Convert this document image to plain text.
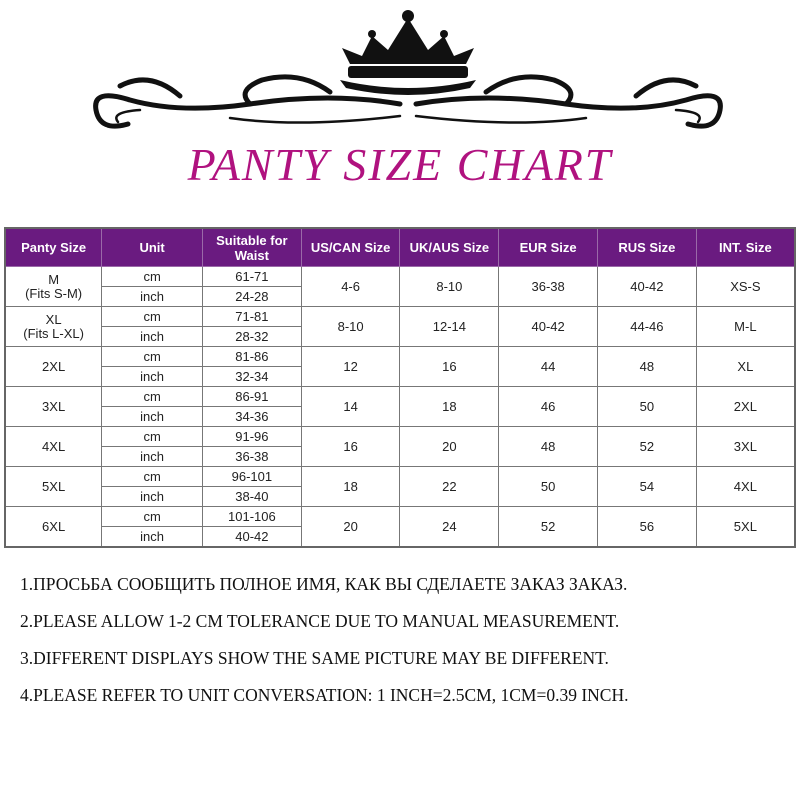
PANTY SIZE CHART
Panty Size	Unit	Suitable for Waist	US/CAN Size	UK/AUS Size	EUR Size	RUS Size	INT. Size

M
(Fits S-M)	cm	61-71	4-6	8-10	36-38	40-42	XS-S
	inch	24-28					

XL
(Fits L-XL)	cm	71-81	8-10	12-14	40-42	44-46	M-L
	inch	28-32					

2XL	cm	81-86	12	16	44	48	XL
	inch	32-34					

3XL	cm	86-91	14	18	46	50	2XL
	inch	34-36					

4XL	cm	91-96	16	20	48	52	3XL
	inch	36-38					

5XL	cm	96-101	18	22	50	54	4XL
	inch	38-40					

6XL	cm	101-106	20	24	52	56	5XL
	inch	40-42					
1.ПРОСЬБА СООБЩИТЬ ПОЛНОЕ ИМЯ, КАК ВЫ СДЕЛАЕТЕ ЗАКАЗ ЗАКАЗ.
2.PLEASE ALLOW 1-2 CM TOLERANCE DUE TO MANUAL MEASUREMENT.
3.DIFFERENT DISPLAYS SHOW THE SAME PICTURE MAY BE DIFFERENT.
4.PLEASE REFER TO UNIT CONVERSATION: 1 INCH=2.5CM, 1CM=0.39 INCH.
